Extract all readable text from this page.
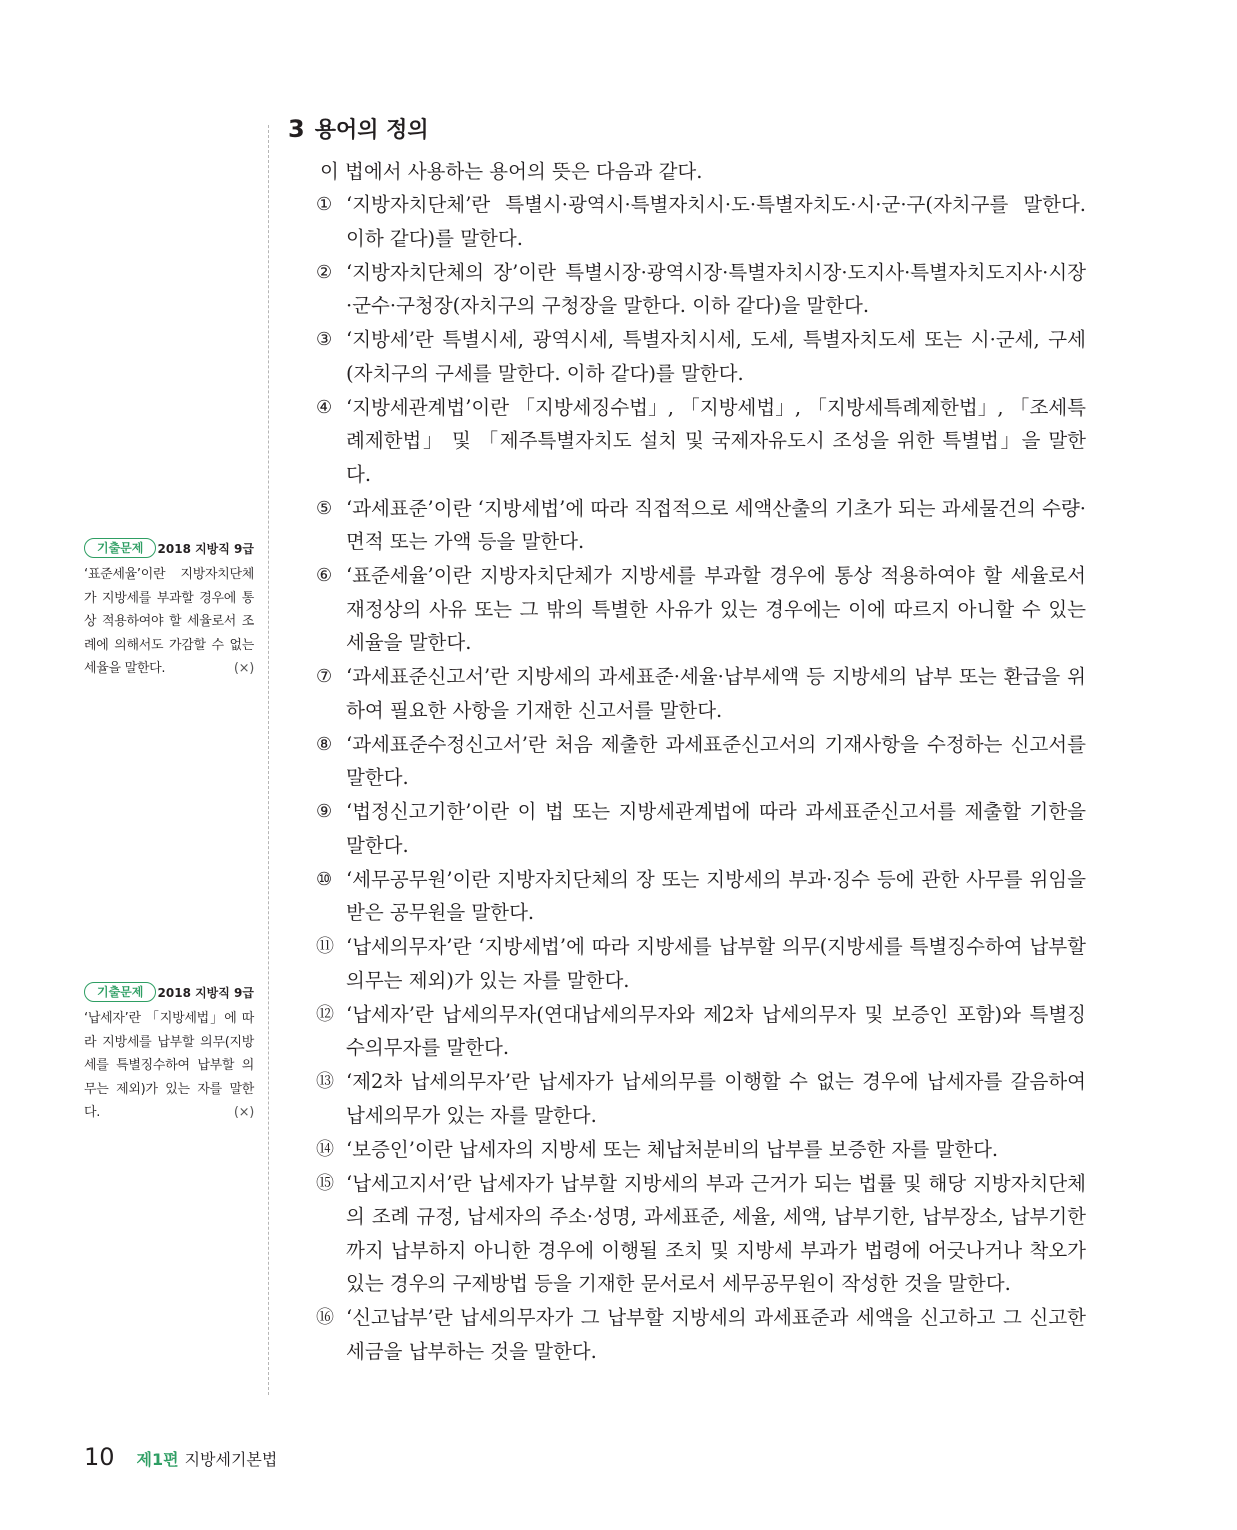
3 용어의 정의
이 법에서 사용하는 용어의 뜻은 다음과 같다.
① ‘지방자치단체’란 특별시·광역시·특별자치시·도·특별자치도·시·군·구(자치구를 말한다. 이하 같다)를 말한다.
② ‘지방자치단체의 장’이란 특별시장·광역시장·특별자치시장·도지사·특별자치도지사·시장·군수·구청장(자치구의 구청장을 말한다. 이하 같다)을 말한다.
③ ‘지방세’란 특별시세, 광역시세, 특별자치시세, 도세, 특별자치도세 또는 시·군세, 구세(자치구의 구세를 말한다. 이하 같다)를 말한다.
④ ‘지방세관계법’이란 「지방세징수법」, 「지방세법」, 「지방세특례제한법」, 「조세특례제한법」 및 「제주특별자치도 설치 및 국제자유도시 조성을 위한 특별법」을 말한다.
⑤ ‘과세표준’이란 ‘지방세법’에 따라 직접적으로 세액산출의 기초가 되는 과세물건의 수량·면적 또는 가액 등을 말한다.
⑥ ‘표준세율’이란 지방자치단체가 지방세를 부과할 경우에 통상 적용하여야 할 세율로서 재정상의 사유 또는 그 밖의 특별한 사유가 있는 경우에는 이에 따르지 아니할 수 있는 세율을 말한다.
⑦ ‘과세표준신고서’란 지방세의 과세표준·세율·납부세액 등 지방세의 납부 또는 환급을 위하여 필요한 사항을 기재한 신고서를 말한다.
⑧ ‘과세표준수정신고서’란 처음 제출한 과세표준신고서의 기재사항을 수정하는 신고서를 말한다.
⑨ ‘법정신고기한’이란 이 법 또는 지방세관계법에 따라 과세표준신고서를 제출할 기한을 말한다.
⑩ ‘세무공무원’이란 지방자치단체의 장 또는 지방세의 부과·징수 등에 관한 사무를 위임을 받은 공무원을 말한다.
⑪ ‘납세의무자’란 ‘지방세법’에 따라 지방세를 납부할 의무(지방세를 특별징수하여 납부할 의무는 제외)가 있는 자를 말한다.
⑫ ‘납세자’란 납세의무자(연대납세의무자와 제2차 납세의무자 및 보증인 포함)와 특별징수의무자를 말한다.
⑬ ‘제2차 납세의무자’란 납세자가 납세의무를 이행할 수 없는 경우에 납세자를 갈음하여 납세의무가 있는 자를 말한다.
⑭ ‘보증인’이란 납세자의 지방세 또는 체납처분비의 납부를 보증한 자를 말한다.
⑮ ‘납세고지서’란 납세자가 납부할 지방세의 부과 근거가 되는 법률 및 해당 지방자치단체의 조례 규정, 납세자의 주소·성명, 과세표준, 세율, 세액, 납부기한, 납부장소, 납부기한까지 납부하지 아니한 경우에 이행될 조치 및 지방세 부과가 법령에 어긋나거나 착오가 있는 경우의 구제방법 등을 기재한 문서로서 세무공무원이 작성한 것을 말한다.
⑯ ‘신고납부’란 납세의무자가 그 납부할 지방세의 과세표준과 세액을 신고하고 그 신고한 세금을 납부하는 것을 말한다.
기출문제	2018 지방직 9급
‘표준세율’이란 지방자치단체가 지방세를 부과할 경우에 통상 적용하여야 할 세율로서 조례에 의해서도 가감할 수 없는 세율을 말한다.	(×)
기출문제	2018 지방직 9급
‘납세자’란 「지방세법」에 따라 지방세를 납부할 의무(지방세를 특별징수하여 납부할 의무는 제외)가 있는 자를 말한다.	(×)
10 제1편 지방세기본법
